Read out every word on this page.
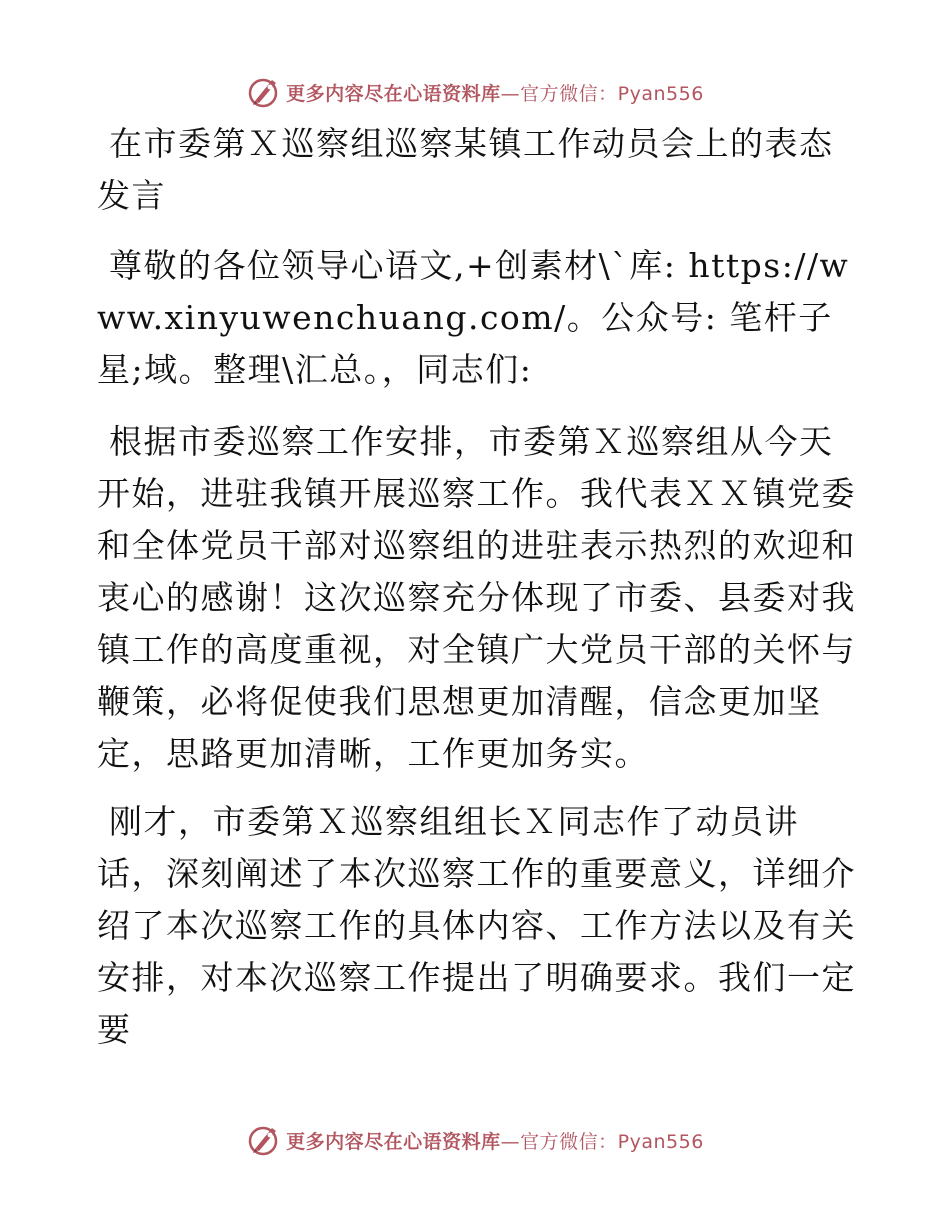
更多内容尽在心语资料库—官方微信：Pyan556

在市委第Ｘ巡察组巡察某镇工作动员会上的表态发言

尊敬的各位领导心语文,+创素材\`库: https://www.xinyuwenchuang.com/。公众号: 笔杆子星;域。整理\汇总。，同志们:

根据市委巡察工作安排，市委第Ｘ巡察组从今天开始，进驻我镇开展巡察工作。我代表ＸＸ镇党委和全体党员干部对巡察组的进驻表示热烈的欢迎和衷心的感谢！这次巡察充分体现了市委、县委对我镇工作的高度重视，对全镇广大党员干部的关怀与鞭策，必将促使我们思想更加清醒，信念更加坚定，思路更加清晰，工作更加务实。

刚才，市委第Ｘ巡察组组长Ｘ同志作了动员讲话，深刻阐述了本次巡察工作的重要意义，详细介绍了本次巡察工作的具体内容、工作方法以及有关安排，对本次巡察工作提出了明确要求。我们一定要

更多内容尽在心语资料库—官方微信：Pyan556
